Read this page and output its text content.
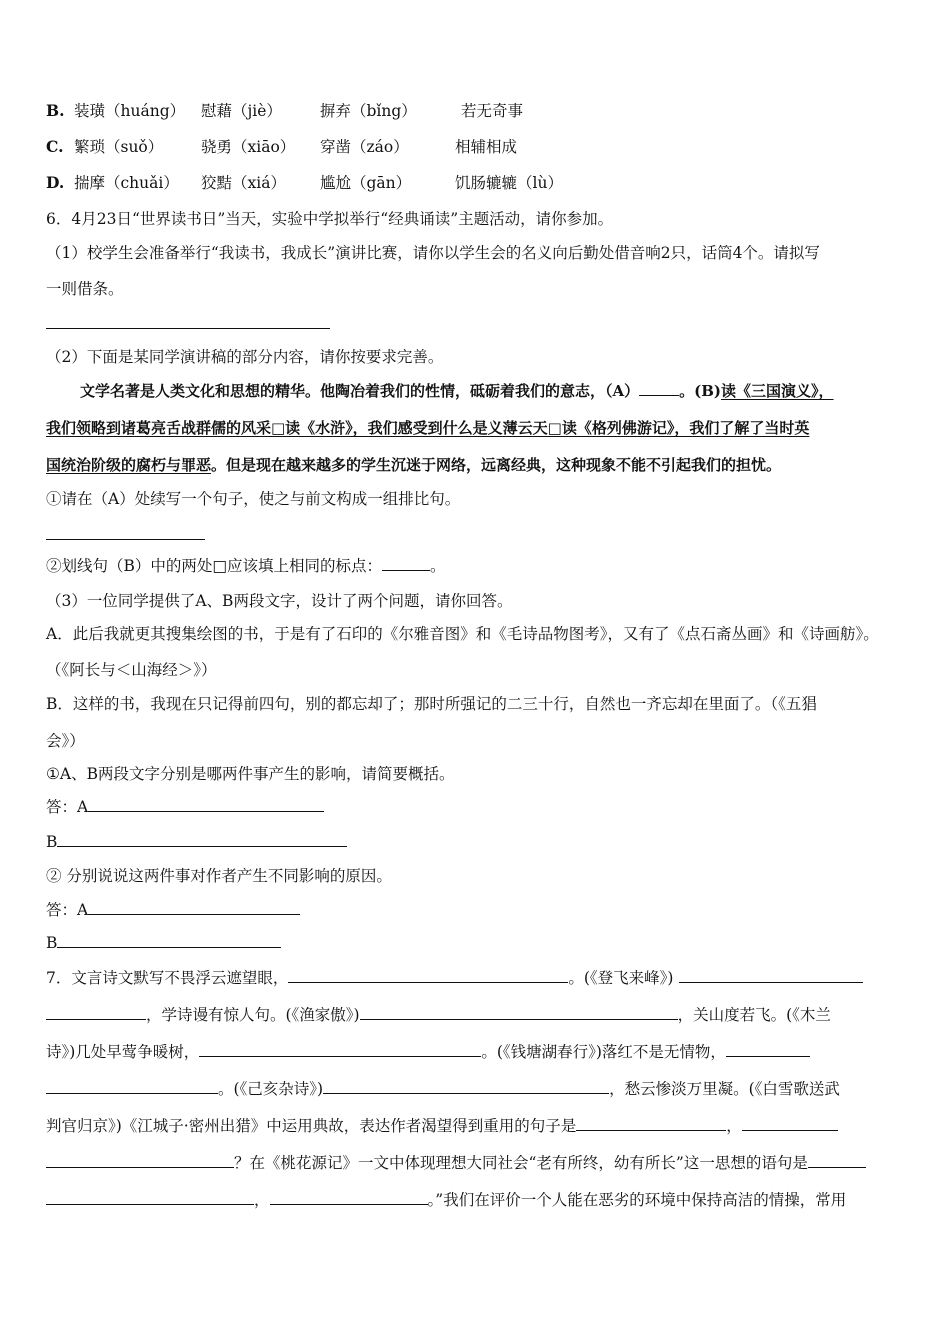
B. 装璜（huáng） 慰藉（jiè） 摒弃（bǐng）	若无奇事
C. 繁琐（suǒ） 骁勇（xiāo） 穿凿（záo）	相辅相成
D. 揣摩（chuǎi） 狡黠（xiá） 尴尬（gān）	饥肠辘辘（lù）
6．4月23日“世界读书日”当天，实验中学拟举行“经典诵读”主题活动，请你参加。
（1）校学生会准备举行“我读书，我成长”演讲比赛，请你以学生会的名义向后勤处借音响2只，话筒4个。请拟写
一则借条。
（2）下面是某同学演讲稿的部分内容，请你按要求完善。
文学名著是人类文化和思想的精华。他陶冶着我们的性情，砥砺着我们的意志，（A）	。(B)读《三国演义》，
我们领略到诸葛亮舌战群儒的风采□读《水浒》，我们感受到什么是义薄云天□读《格列佛游记》，我们了解了当时英
国统治阶级的腐朽与罪恶。但是现在越来越多的学生沉迷于网络，远离经典，这种现象不能不引起我们的担忧。
①请在（A）处续写一个句子，使之与前文构成一组排比句。
②划线句（B）中的两处□应该填上相同的标点：	。
（3）一位同学提供了A、B两段文字，设计了两个问题，请你回答。
A．此后我就更其搜集绘图的书，于是有了石印的《尔雅音图》和《毛诗品物图考》，又有了《点石斋丛画》和《诗画舫》。
（《阿长与＜山海经＞》）
B．这样的书，我现在只记得前四句，别的都忘却了；那时所强记的二三十行，自然也一齐忘却在里面了。（《五猖
会》）
①A、B两段文字分别是哪两件事产生的影响，请简要概括。
答：A
B
② 分别说说这两件事对作者产生不同影响的原因。
答：A
B
7．文言诗文默写不畏浮云遮望眼，	。(《登飞来峰》)
，学诗谩有惊人句。(《渔家傲》)	，关山度若飞。(《木兰
诗》)几处早莺争暖树，	。(《钱塘湖春行》)落红不是无情物，
。(《己亥杂诗》)	，愁云惨淡万里凝。(《白雪歌送武
判官归京》)《江城子·密州出猎》中运用典故，表达作者渴望得到重用的句子是	，
？在《桃花源记》一文中体现理想大同社会“老有所终，幼有所长”这一思想的语句是
，	。”我们在评价一个人能在恶劣的环境中保持高洁的情操，常用
